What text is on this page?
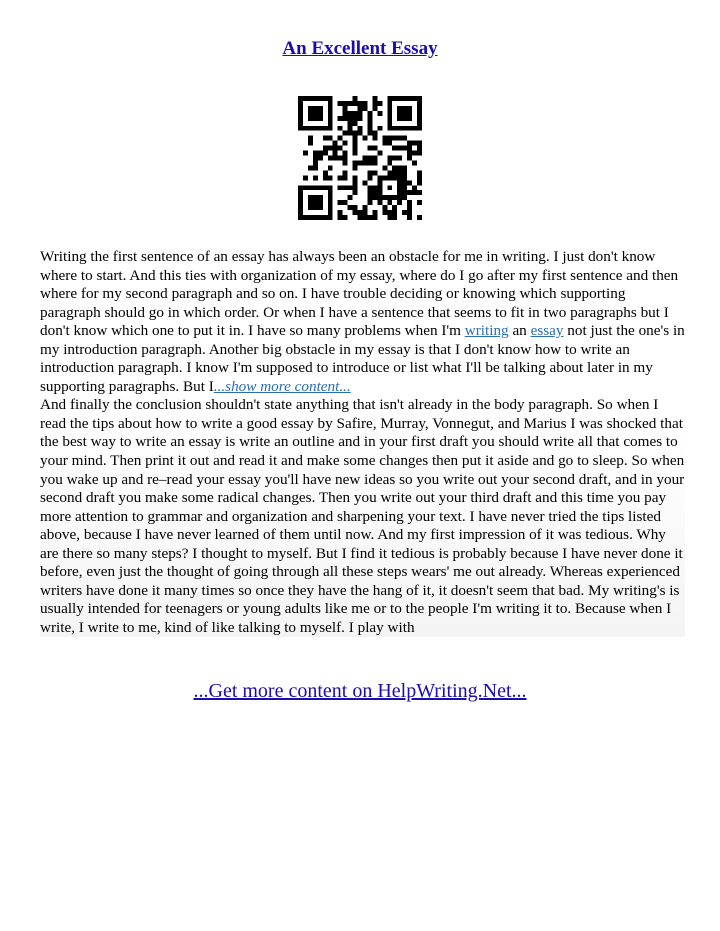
An Excellent Essay

Writing the first sentence of an essay has always been an obstacle for me in writing. I just don't know where to start. And this ties with organization of my essay, where do I go after my first sentence and then where for my second paragraph and so on. I have trouble deciding or knowing which supporting paragraph should go in which order. Or when I have a sentence that seems to fit in two paragraphs but I don't know which one to put it in. I have so many problems when I'm writing an essay not just the one's in my introduction paragraph. Another big obstacle in my essay is that I don't know how to write an introduction paragraph. I know I'm supposed to introduce or list what I'll be talking about later in my supporting paragraphs. But I...show more content...

And finally the conclusion shouldn't state anything that isn't already in the body paragraph. So when I read the tips about how to write a good essay by Safire, Murray, Vonnegut, and Marius I was shocked that the best way to write an essay is write an outline and in your first draft you should write all that comes to your mind. Then print it out and read it and make some changes then put it aside and go to sleep. So when you wake up and re–read your essay you'll have new ideas so you write out your second draft, and in your second draft you make some radical changes. Then you write out your third draft and this time you pay more attention to grammar and organization and sharpening your text. I have never tried the tips listed above, because I have never learned of them until now. And my first impression of it was tedious. Why are there so many steps? I thought to myself. But I find it tedious is probably because I have never done it before, even just the thought of going through all these steps wears' me out already. Whereas experienced writers have done it many times so once they have the hang of it, it doesn't seem that bad. My writing's is usually intended for teenagers or young adults like me or to the people I'm writing it to. Because when I write, I write to me, kind of like talking to myself. I play with

...Get more content on HelpWriting.Net...
